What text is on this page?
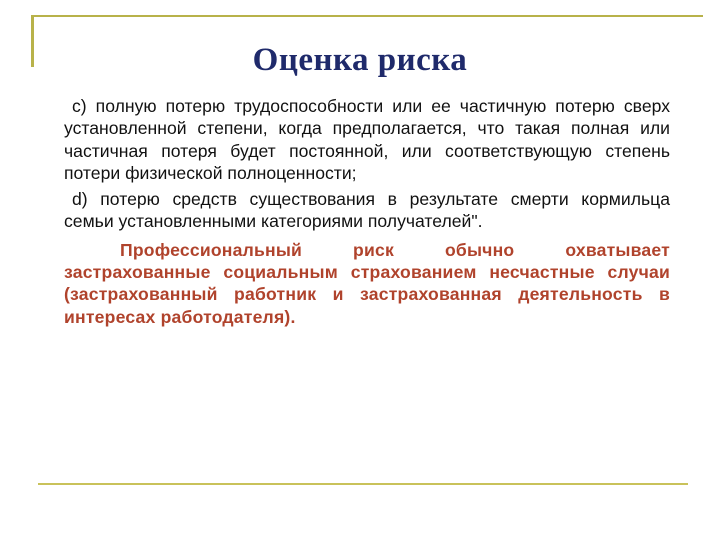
Оценка риска

c) полную потерю трудоспособности или ее частичную потерю сверх установленной степени, когда предполагается, что такая полная или частичная потеря будет постоянной, или соответствующую степень потери физической полноценности;

d) потерю средств существования в результате смерти кормильца семьи установленными категориями получателей".

Профессиональный риск обычно охватывает застрахованные социальным страхованием несчастные случаи (застрахованный работник и застрахованная деятельность в интересах работодателя).
